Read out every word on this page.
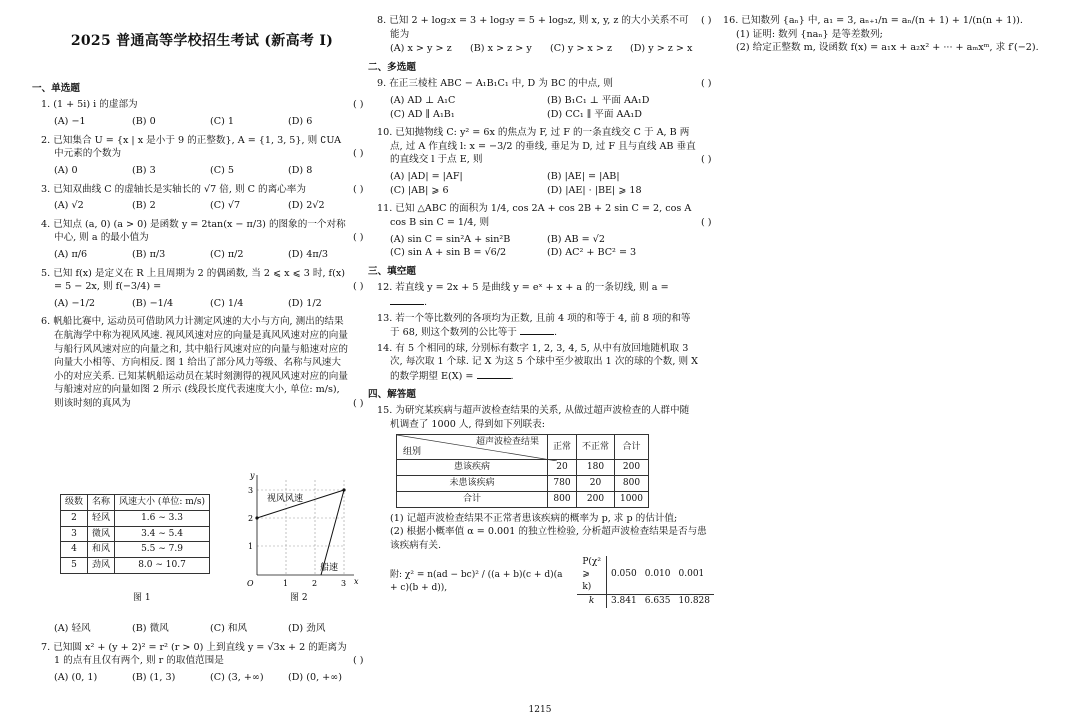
2025 普通高等学校招生考试 (新高考 I)
一、单选题
1. (1 + 5i) i 的虚部为	( )
(A) −1	(B) 0	(C) 1	(D) 6
2. 已知集合 U = {x | x 是小于 9 的正整数}, A = {1, 3, 5}, 则 ∁UA 中元素的个数为	( )
(A) 0	(B) 3	(C) 5	(D) 8
3. 已知双曲线 C 的虚轴长是实轴长的 √7 倍, 则 C 的离心率为	( )
(A) √2	(B) 2	(C) √7	(D) 2√2
4. 已知点 (a, 0) (a > 0) 是函数 y = 2tan(x − π/3) 的图象的一个对称中心, 则 a 的最小值为	( )
(A) π/6	(B) π/3	(C) π/2	(D) 4π/3
5. 已知 f(x) 是定义在 R 上且周期为 2 的偶函数, 当 2 ⩽ x ⩽ 3 时, f(x) = 5 − 2x, 则 f(−3/4) =	( )
(A) −1/2	(B) −1/4	(C) 1/4	(D) 1/2
6. 帆船比赛中, 运动员可借助风力计测定风速的大小与方向, 测出的结果在航海学中称为视风风速. 视风风速对应的向量是真风风速对应的向量与船行风风速对应的向量之和, 其中船行风速对应的向量与船速对应的向量大小相等、方向相反. 图 1 给出了部分风力等级、名称与风速大小的对应关系. 已知某帆船运动员在某时刻测得的视风风速对应的向量与船速对应的向量如图 2 所示 (线段长度代表速度大小, 单位: m/s), 则该时刻的真风为	( )
级数	名称	风速大小 (单位: m/s)
2	轻风	1.6 ∼ 3.3
3	微风	3.4 ∼ 5.4
4	和风	5.5 ∼ 7.9
5	劲风	8.0 ∼ 10.7
图 1
y
x
O	1	2	3
1
2
3
视风风速
船速
图 2
(A) 轻风	(B) 微风	(C) 和风	(D) 劲风
7. 已知圆 x² + (y + 2)² = r² (r > 0) 上到直线 y = √3x + 2 的距离为 1 的点有且仅有两个, 则 r 的取值范围是	( )
(A) (0, 1)	(B) (1, 3)	(C) (3, +∞)	(D) (0, +∞)
8. 已知 2 + log₂x = 3 + log₃y = 5 + log₅z, 则 x, y, z 的大小关系不可能为
( )
(A) x > y > z	(B) x > z > y	(C) y > x > z	(D) y > z > x
二、多选题
9. 在正三棱柱 ABC − A₁B₁C₁ 中, D 为 BC 的中点, 则	( )
(A) AD ⊥ A₁C	(B) B₁C₁ ⊥ 平面 AA₁D
(C) AD ∥ A₁B₁	(D) CC₁ ∥ 平面 AA₁D
10. 已知抛物线 C: y² = 6x 的焦点为 F, 过 F 的一条直线交 C 于 A, B 两点, 过 A 作直线 l: x = −3/2 的垂线, 垂足为 D, 过 F 且与直线 AB 垂直的直线交 l 于点 E, 则	( )
(A) |AD| = |AF|	(B) |AE| = |AB|
(C) |AB| ⩾ 6	(D) |AE| · |BE| ⩾ 18
11. 已知 △ABC 的面积为 1/4, cos 2A + cos 2B + 2 sin C = 2, cos A cos B sin C = 1/4, 则	( )
(A) sin C = sin²A + sin²B	(B) AB = √2
(C) sin A + sin B = √6/2	(D) AC² + BC² = 3
三、填空题
12. 若直线 y = 2x + 5 是曲线 y = eˣ + x + a 的一条切线, 则 a = .
13. 若一个等比数列的各项均为正数, 且前 4 项的和等于 4, 前 8 项的和等于 68, 则这个数列的公比等于	.
14. 有 5 个相同的球, 分别标有数字 1, 2, 3, 4, 5, 从中有放回地随机取 3 次, 每次取 1 个球. 记 X 为这 5 个球中至少被取出 1 次的球的个数, 则 X 的数学期望 E(X) =	.
四、解答题
15. 为研究某疾病与超声波检查结果的关系, 从做过超声波检查的人群中随机调查了 1000 人, 得到如下列联表:
超声波检查结果
组别	正常	不正常	合计
患该疾病	20	180	200
未患该疾病	780	20	800
合计	800	200	1000
(1) 记超声波检查结果不正常者患该疾病的概率为 p, 求 p 的估计值;
(2) 根据小概率值 α = 0.001 的独立性检验, 分析超声波检查结果是否与患该疾病有关.
附: χ² = n(ad − bc)² / ((a + b)(c + d)(a + c)(b + d)),
P(χ² ⩾ k)	0.050	0.010	0.001
k	3.841	6.635	10.828
16. 已知数列 {aₙ} 中, a₁ = 3, aₙ₊₁/n = aₙ/(n + 1) + 1/(n(n + 1)).
(1) 证明: 数列 {naₙ} 是等差数列;
(2) 给定正整数 m, 设函数 f(x) = a₁x + a₂x² + ··· + aₘxᵐ, 求 f′(−2).
1215
